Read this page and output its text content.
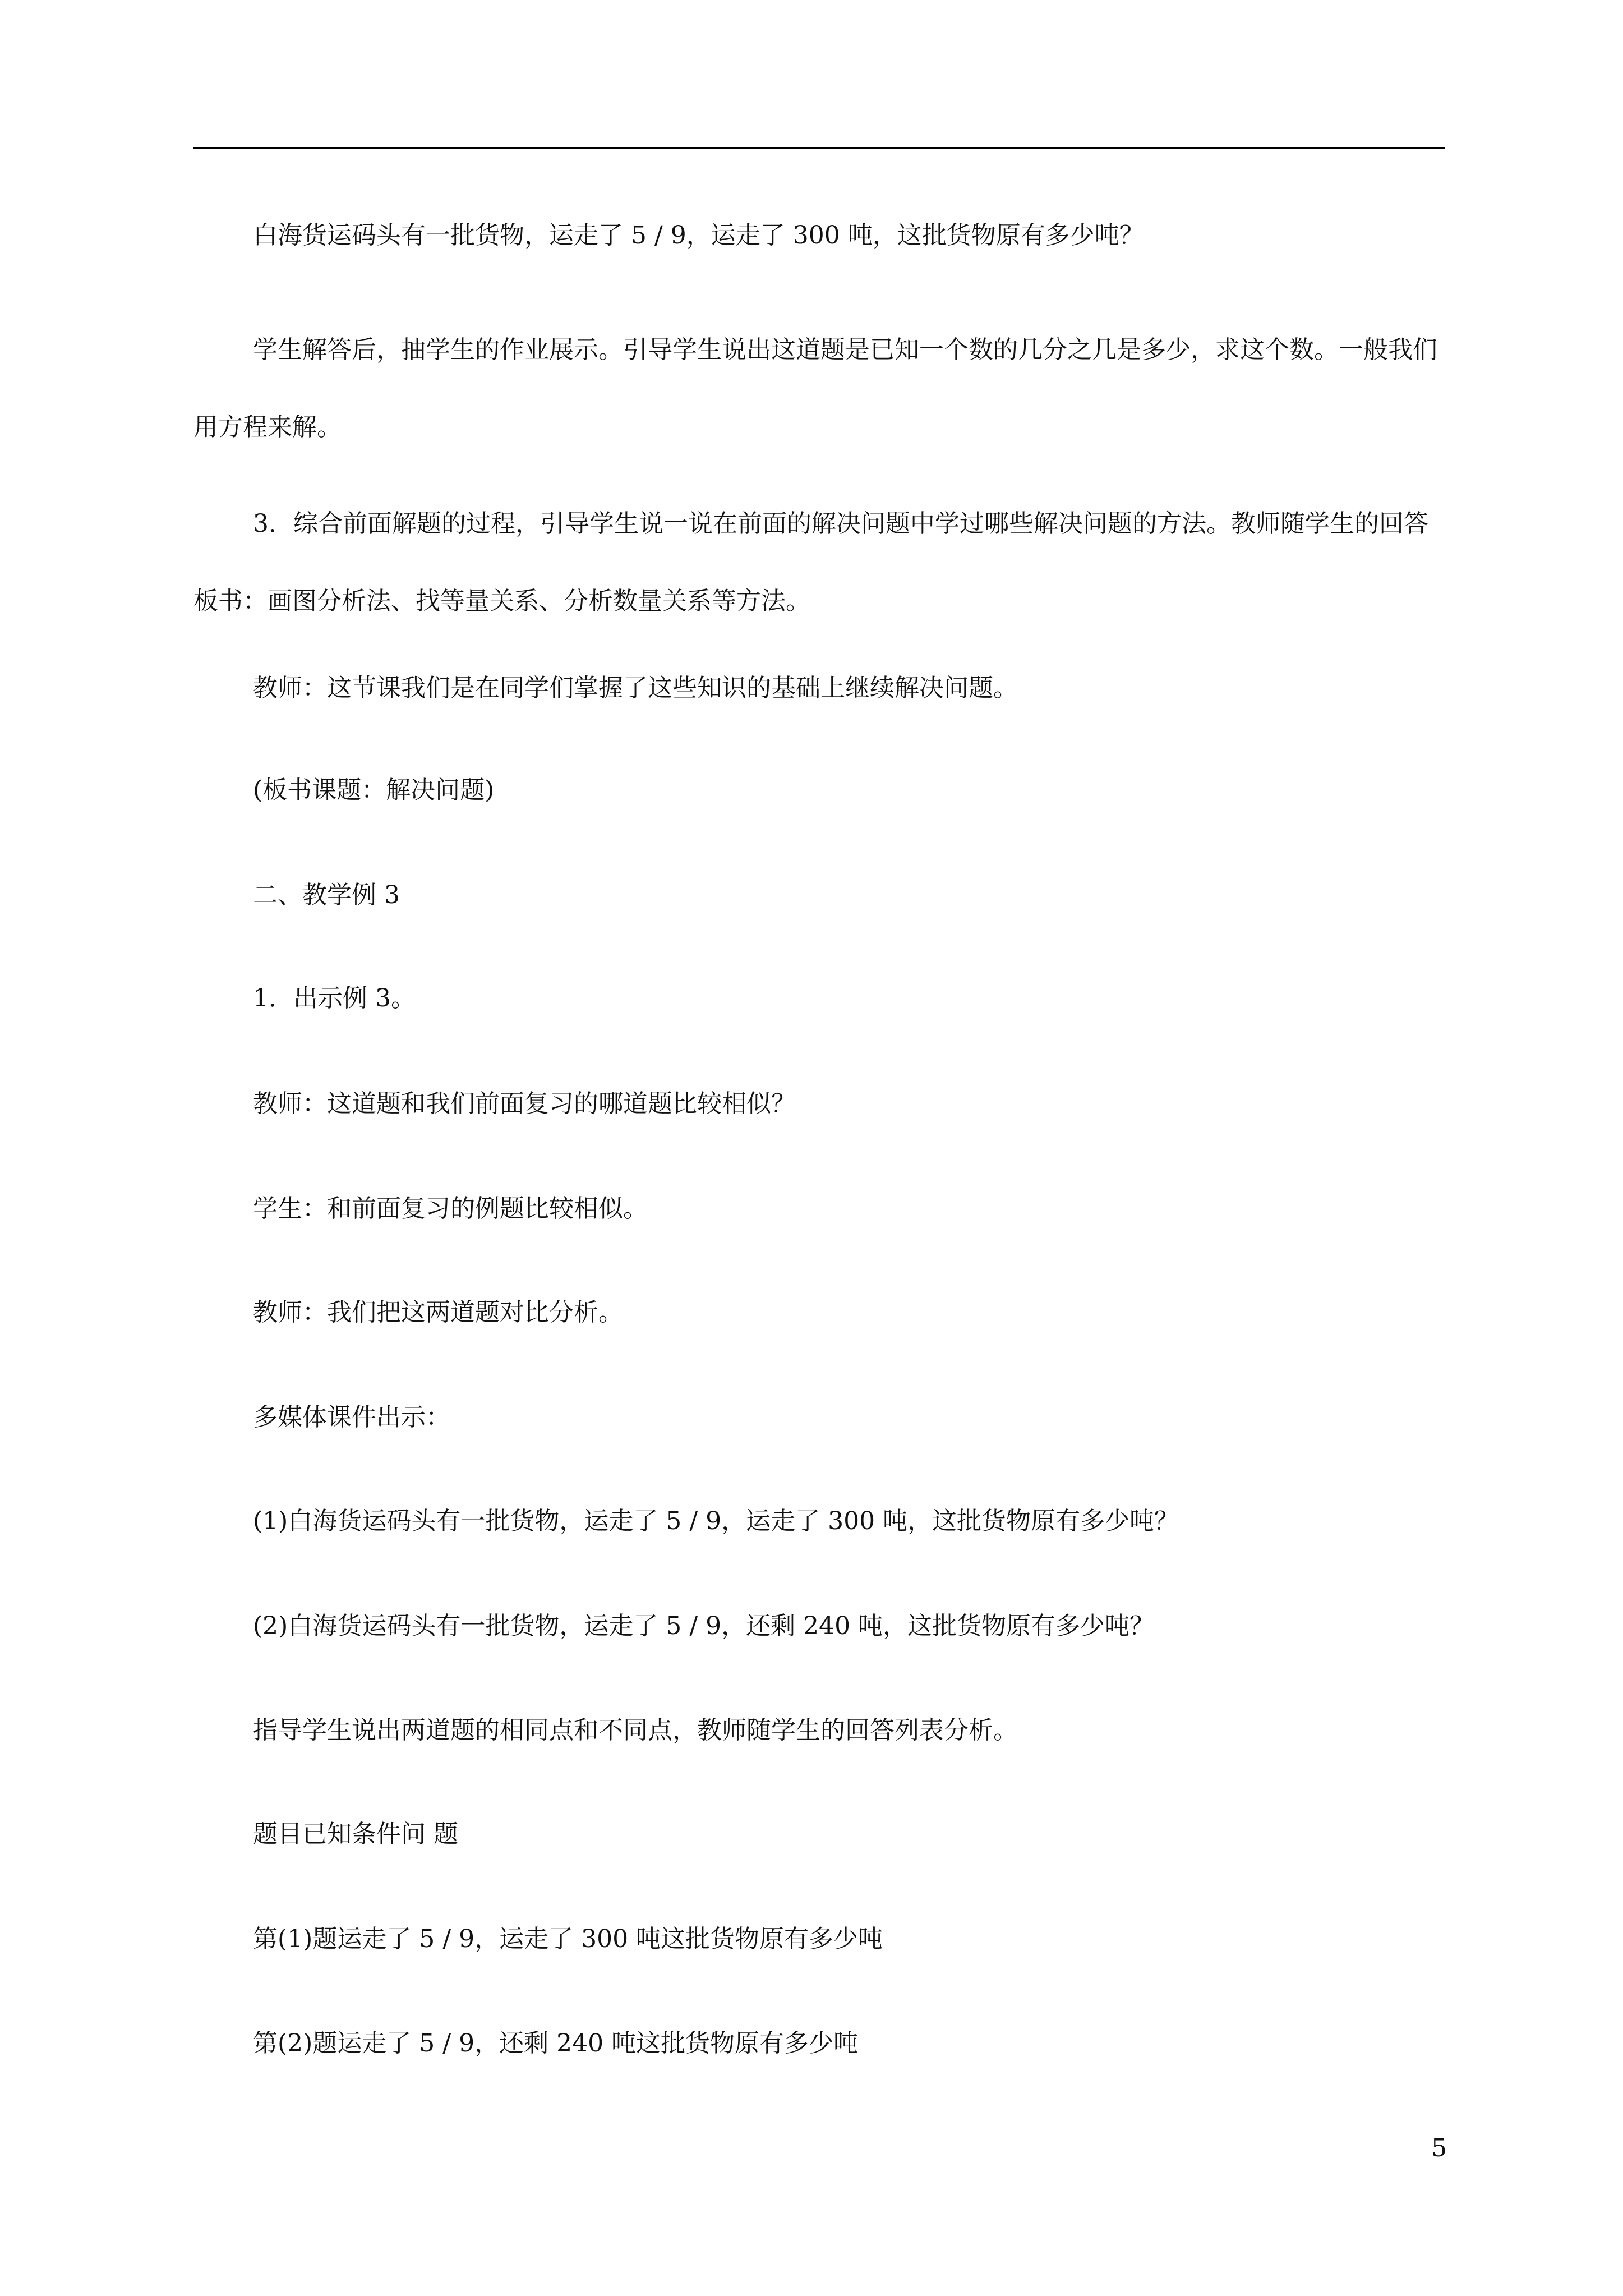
白海货运码头有一批货物，运走了 5 / 9，运走了 300 吨，这批货物原有多少吨？

学生解答后，抽学生的作业展示。引导学生说出这道题是已知一个数的几分之几是多少，求这个数。一般我们用方程来解。

3．综合前面解题的过程，引导学生说一说在前面的解决问题中学过哪些解决问题的方法。教师随学生的回答板书：画图分析法、找等量关系、分析数量关系等方法。

教师：这节课我们是在同学们掌握了这些知识的基础上继续解决问题。

(板书课题：解决问题)

二、教学例 3

1．出示例 3。

教师：这道题和我们前面复习的哪道题比较相似？

学生：和前面复习的例题比较相似。

教师：我们把这两道题对比分析。

多媒体课件出示：

(1)白海货运码头有一批货物，运走了 5 / 9，运走了 300 吨，这批货物原有多少吨？

(2)白海货运码头有一批货物，运走了 5 / 9，还剩 240 吨，这批货物原有多少吨？

指导学生说出两道题的相同点和不同点，教师随学生的回答列表分析。

题目已知条件问 题

第(1)题运走了 5 / 9，运走了 300 吨这批货物原有多少吨

第(2)题运走了 5 / 9，还剩 240 吨这批货物原有多少吨

5
